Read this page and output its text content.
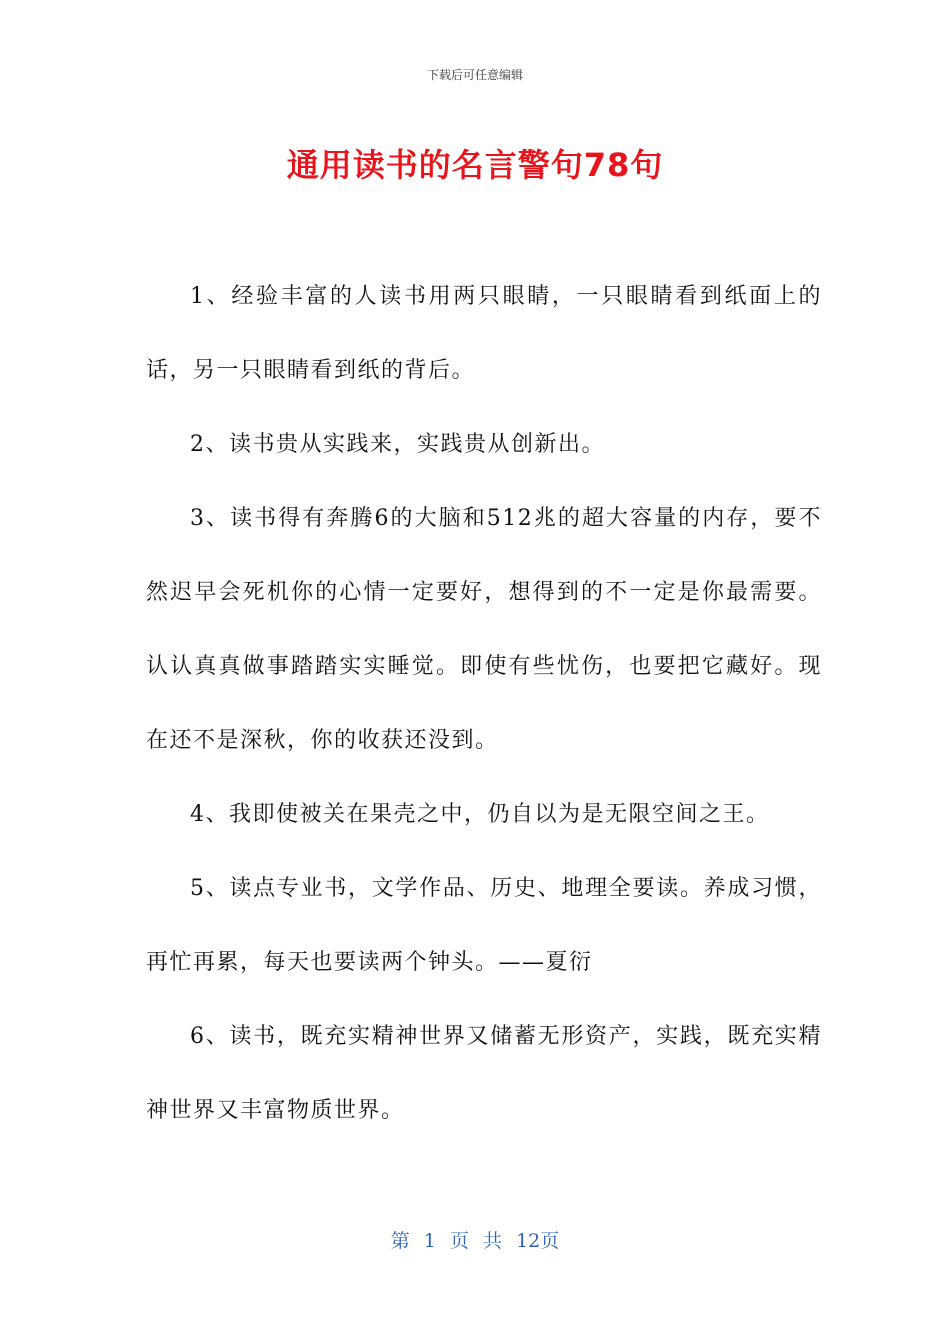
下载后可任意编辑
通用读书的名言警句78句

1、经验丰富的人读书用两只眼睛，一只眼睛看到纸面上的话，另一只眼睛看到纸的背后。

2、读书贵从实践来，实践贵从创新出。

3、读书得有奔腾6的大脑和512兆的超大容量的内存，要不然迟早会死机你的心情一定要好，想得到的不一定是你最需要。认认真真做事踏踏实实睡觉。即使有些忧伤，也要把它藏好。现在还不是深秋，你的收获还没到。

4、我即使被关在果壳之中，仍自以为是无限空间之王。

5、读点专业书，文学作品、历史、地理全要读。养成习惯，再忙再累，每天也要读两个钟头。——夏衍

6、读书，既充实精神世界又储蓄无形资产，实践，既充实精神世界又丰富物质世界。

第 1 页 共 12页
